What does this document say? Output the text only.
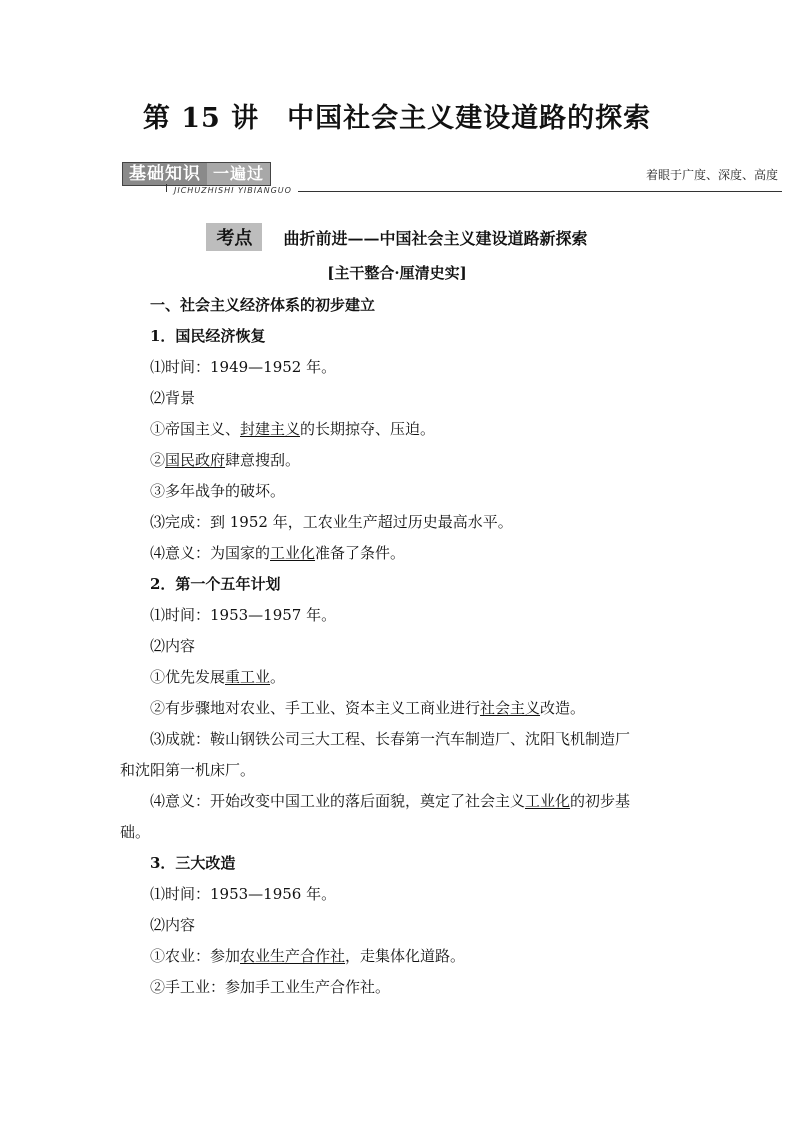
第 15 讲　中国社会主义建设道路的探索
基础知识 一遍过
JICHUZHISHI YIBIANGUO
着眼于广度、深度、高度
考点 曲折前进——中国社会主义建设道路新探索
[主干整合·厘清史实]
一、社会主义经济体系的初步建立
1．国民经济恢复
⑴时间：1949—1952 年。
⑵背景
①帝国主义、封建主义的长期掠夺、压迫。
②国民政府肆意搜刮。
③多年战争的破坏。
⑶完成：到 1952 年，工农业生产超过历史最高水平。
⑷意义：为国家的工业化准备了条件。
2．第一个五年计划
⑴时间：1953—1957 年。
⑵内容
①优先发展重工业。
②有步骤地对农业、手工业、资本主义工商业进行社会主义改造。
⑶成就：鞍山钢铁公司三大工程、长春第一汽车制造厂、沈阳飞机制造厂
和沈阳第一机床厂。
⑷意义：开始改变中国工业的落后面貌，奠定了社会主义工业化的初步基
础。
3．三大改造
⑴时间：1953—1956 年。
⑵内容
①农业：参加农业生产合作社，走集体化道路。
②手工业：参加手工业生产合作社。
